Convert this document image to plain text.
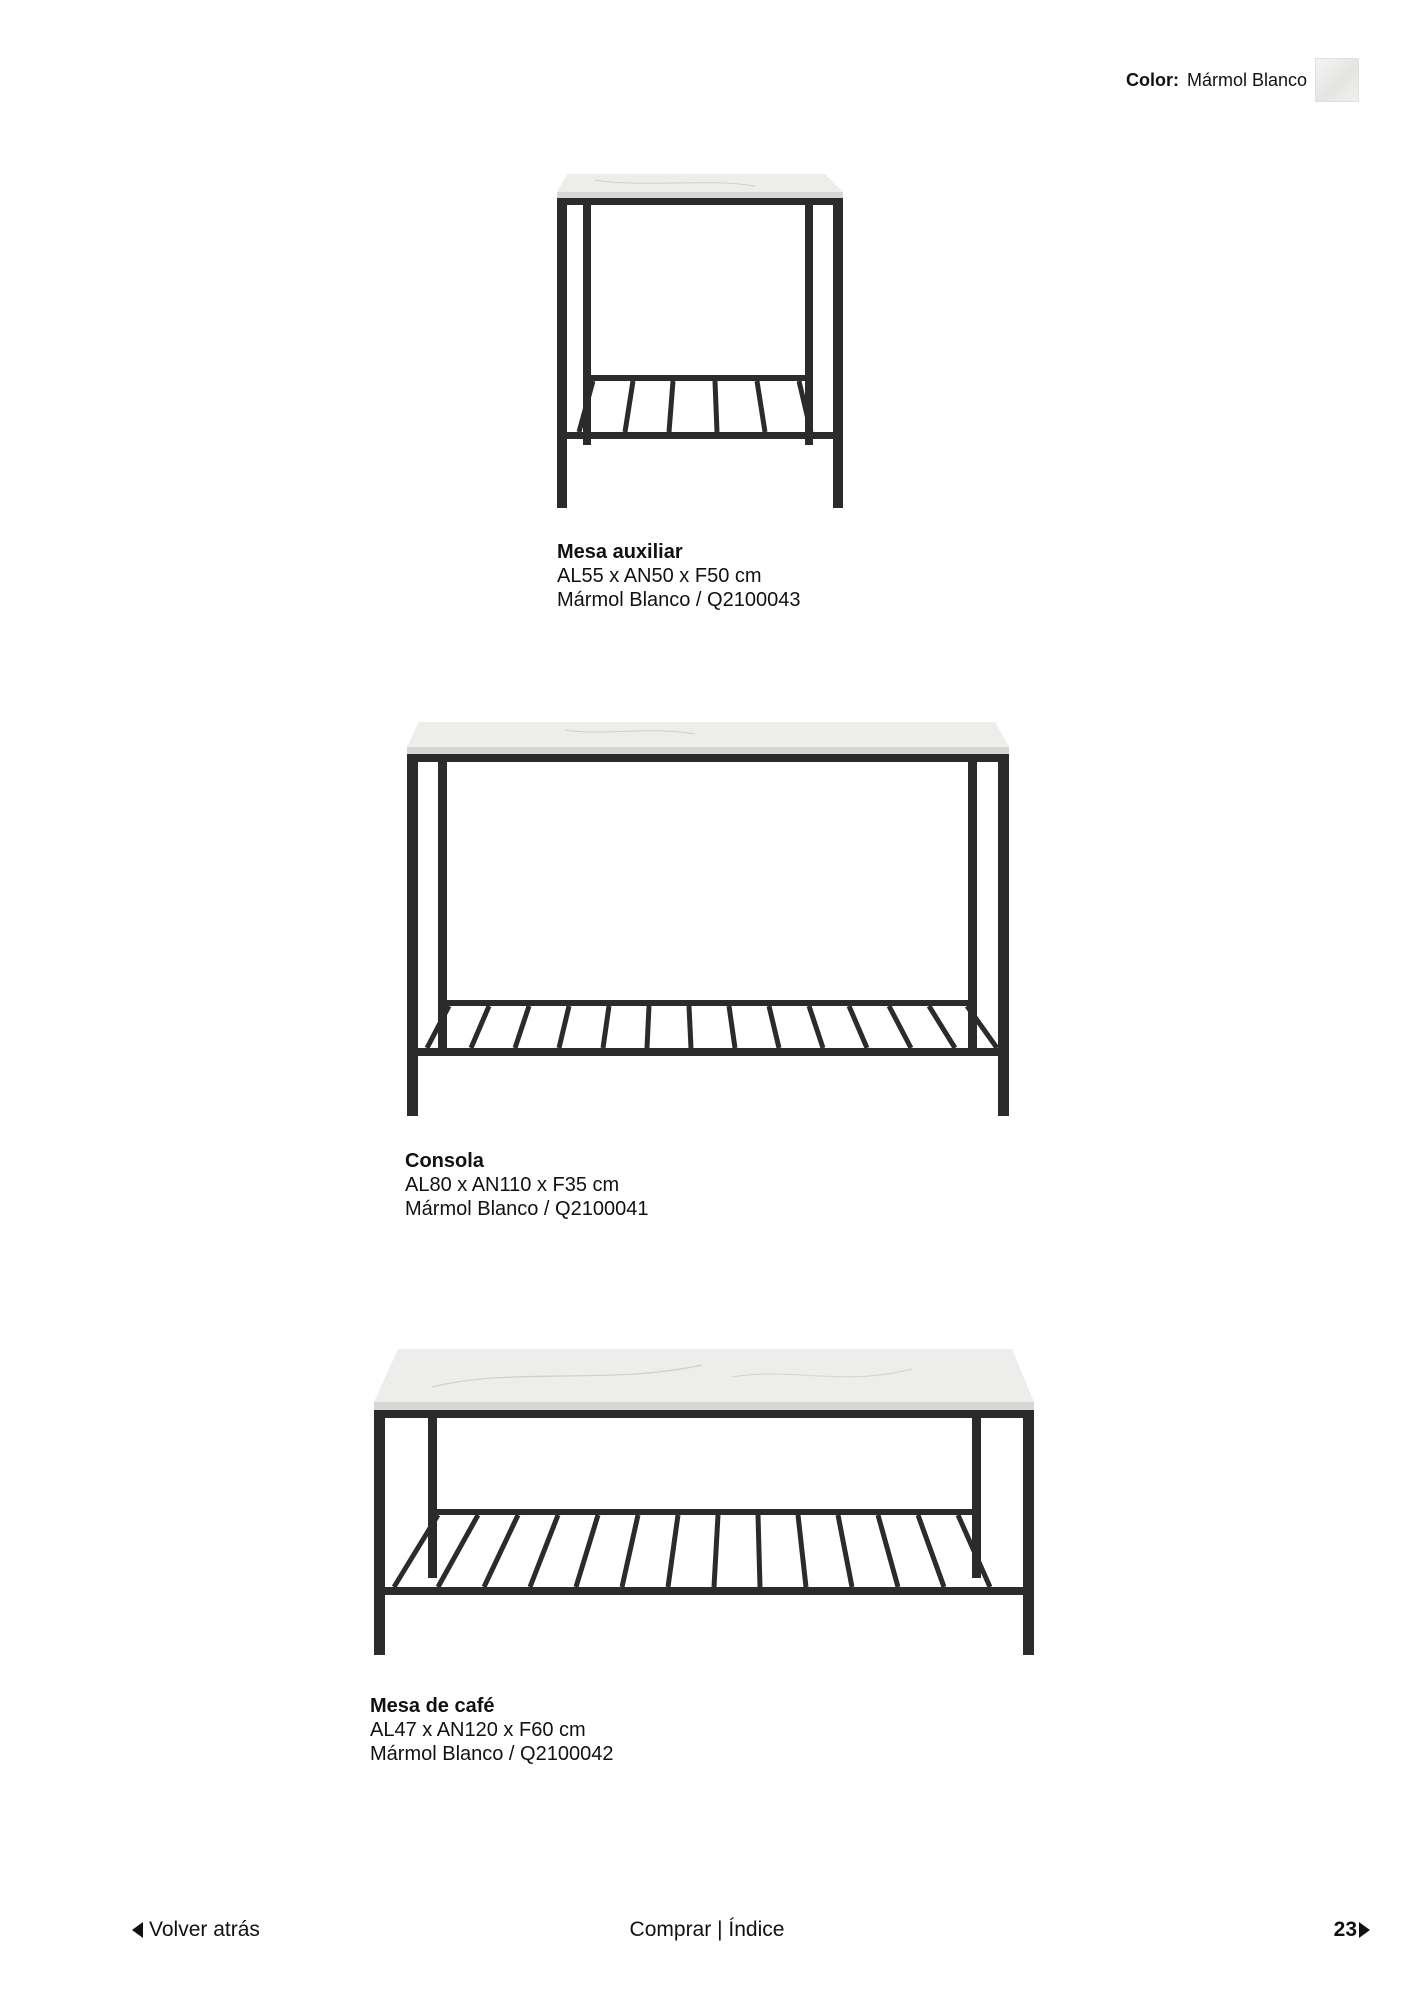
Color: Mármol Blanco
Mesa auxiliar
AL55 x AN50 x F50 cm
Mármol Blanco / Q2100043
Consola
AL80 x AN110 x F35 cm
Mármol Blanco / Q2100041
Mesa de café
AL47 x AN120 x F60 cm
Mármol Blanco / Q2100042
Volver atrás	Comprar | Índice	23
